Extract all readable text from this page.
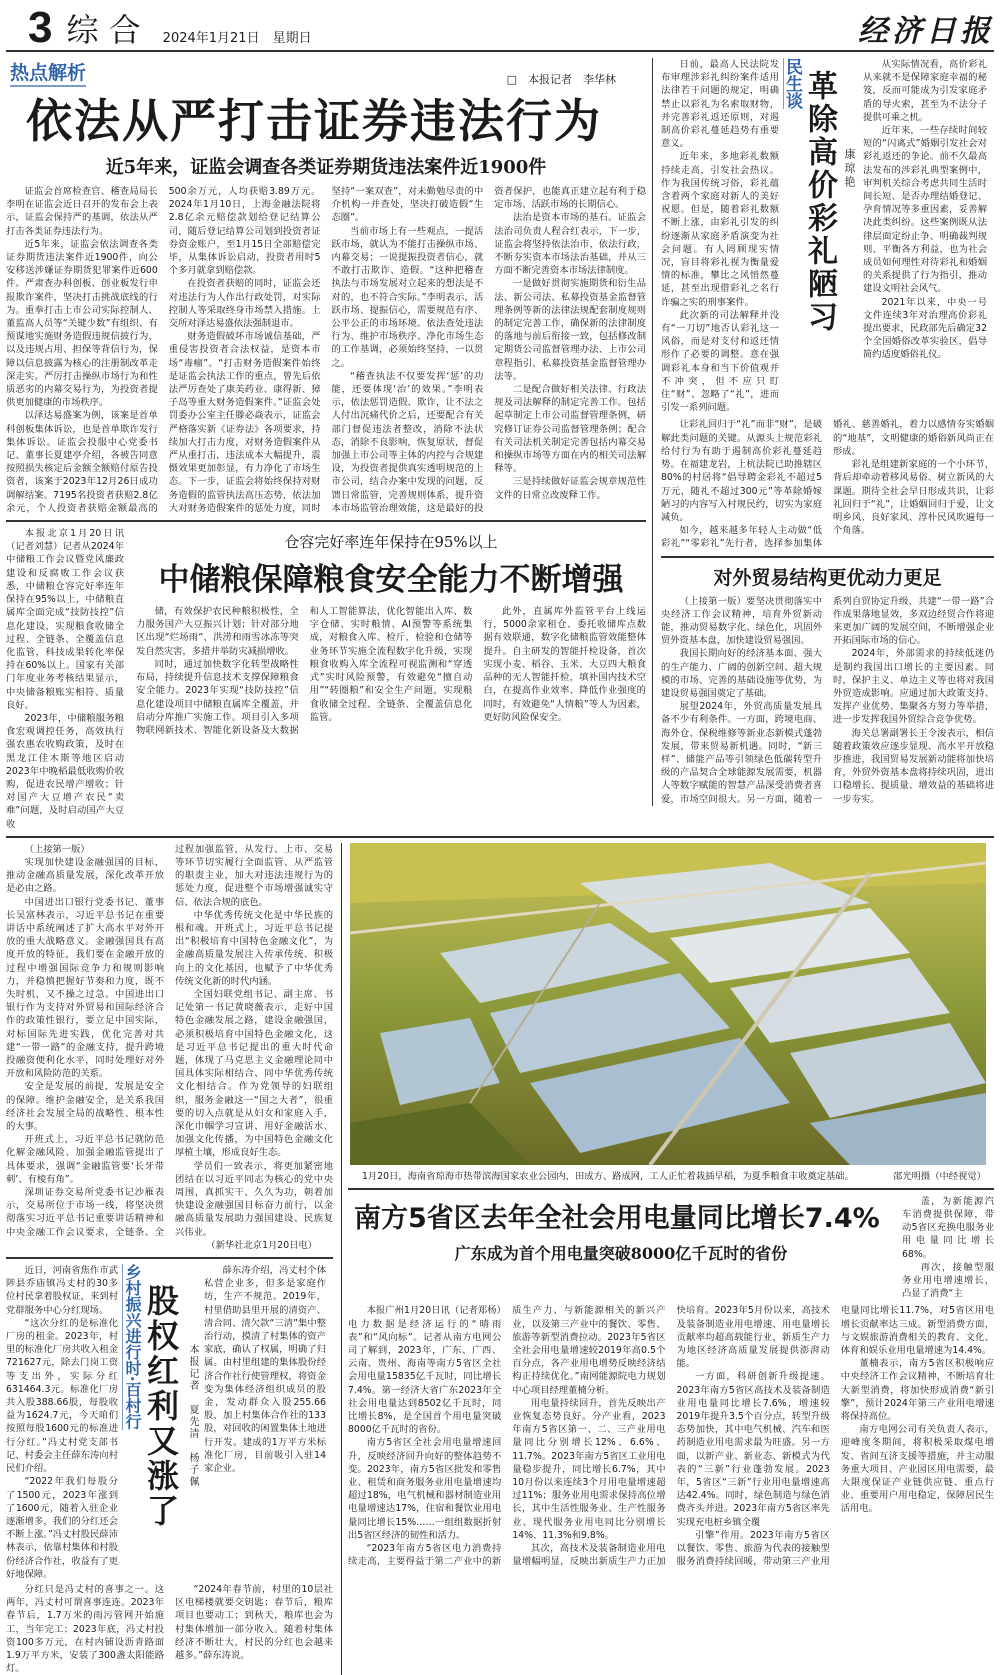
3 综 合 2024年1月21日　星期日	经济日报
热点解析	□　本报记者　李华林
依法从严打击证券违法行为
近5年来，证监会调查各类证券期货违法案件近1900件

证监会首席检查官、稽查局局长李明在证监会近日召开的发布会上表示，证监会保持严的基调，依法从严打击各类证券违法行为。

近5年来，证监会依法调查各类证券期货违法案件近1900件，向公安移送涉嫌证券期货犯罪案件近600件。严肃查办科创板、创业板发行申报欺诈案件，坚决打击挑战底线的行为。重拳打击上市公司实际控制人、董监高人员等“关键少数”有组织、有预谋地实施财务造假违规信披行为，以及违规占用、担保等背信行为，保障以信息披露为核心的注册制改革走深走实。严厉打击操纵市场行为和性质恶劣的内幕交易行为，为投资者提供更加健康的市场秩序。

以泽达易盛案为例，该案是首单科创板集体诉讼，也是首单欺诈发行集体诉讼。证监会投服中心党委书记、董事长夏建亭介绍，各被告同意按照损失核定后金额全额赔付原告投资者，该案于2023年12月26日成功调解结案。7195名投资者获赔2.8亿余元，个人投资者获赔金额最高的500余万元，人均获赔3.89万元。2024年1月10日，上海金融法院将2.8亿余元赔偿款划给登记结算公司，随后登记结算公司划到投资者证券资金账户，至1月15日全部赔偿完毕，从集体诉讼启动，投资者用时5个多月就拿到赔偿款。

在投资者获赔的同时，证监会还对违法行为人作出行政处罚，对实际控制人等采取终身市场禁入措施。上交所对泽达易盛依法强制退市。

财务造假破坏市场诚信基础，严重侵害投资者合法权益，是资本市场“毒瘤”。“打击财务造假案件始终是证监会执法工作的重点，曾先后依法严厉查处了康美药业、康得新、獐子岛等重大财务造假案件。”证监会处罚委办公室主任滕必焱表示，证监会严格落实新《证券法》各项要求，持续加大打击力度，对财务造假案件从严从重打击，违法成本大幅提升，震慑效果更加彰显，有力净化了市场生态。下一步，证监会将始终保持对财务造假的监管执法高压态势，依法加大对财务造假案件的惩处力度，同时坚持“一案双查”，对未勤勉尽责的中介机构一并查处，坚决打破造假“生态圈”。

当前市场上有一些观点，一提活跃市场，就认为不能打击操纵市场、内幕交易；一说提振投资者信心，就不敢打击欺诈、造假。“这种把稽查执法与市场发展对立起来的想法是不对的，也不符合实际。”李明表示，活跃市场、提振信心，需要规范有序、公平公正的市场环境。依法查处违法行为、维护市场秩序、净化市场生态的工作基调，必须始终坚持，一以贯之。

“稽查执法不仅要发挥‘惩’的功能，还要体现‘治’的效果。”李明表示，依法惩罚造假、欺诈，让不法之人付出沉痛代价之后，还要配合有关部门督促违法者整改，消除不法状态，消除不良影响，恢复原状，督促加强上市公司等主体的内控与合规建设，为投资者提供真实透明规范的上市公司，结合办案中发现的问题，反馈日常监管，完善规则体系，提升资本市场监管治理效能，这是最好的投资者保护，也能真正建立起有利于稳定市场、活跃市场的长期信心。

法治是资本市场的基石。证监会法治司负责人程合红表示，下一步，证监会将坚持依法治市、依法行政，不断夯实资本市场法治基础，并从三方面不断完善资本市场法律制度。

一是做好贯彻实施期货和衍生品法、新公司法、私募投资基金监督管理条例等新的法律法规配套制度规则的制定完善工作，确保新的法律制度的落地与前后衔接一致，包括修改制定期货公司监督管理办法、上市公司章程指引、私募投资基金监督管理办法等。

二是配合做好相关法律、行政法规及司法解释的制定完善工作。包括起草制定上市公司监督管理条例，研究修订证券公司监督管理条例；配合有关司法机关制定完善包括内幕交易和操纵市场等方面在内的相关司法解释等。

三是持续做好证监会规章规范性文件的日常立改废释工作。

本报北京1月20日讯（记者刘慧）记者从2024年中储粮工作会议暨党风廉政建设和反腐败工作会议获悉，中储粮仓容完好率连年保持在95%以上，中储粮直属库全面完成“技防技控”信息化建设，实现粮食收储全过程、全链条、全覆盖信息化监管，科技成果转化率保持在60%以上。国家有关部门年度业务考核结果显示，中央储备粮账实相符、质量良好。

2023年，中储粮服务粮食宏观调控任务，高效执行强农惠农收购政策，及时在黑龙江佳木斯等地区启动2023年中晚稻最低收购价收购，促进农民增产增收；针对国产大豆增产农民“卖难”问题，及时启动国产大豆收

仓容完好率连年保持在95%以上
中储粮保障粮食安全能力不断增强

储，有效保护农民种粮积极性，全力服务国产大豆振兴计划；针对部分地区出现“烂场雨”、洪涝和雨雪冰冻等突发自然灾害，多措并举防灾减损增收。

同时，通过加快数字化转型战略性布局，持续提升信息技术支撑保障粮食安全能力。2023年实现“技防技控”信息化建设项目中储粮直属库全覆盖，并启动分库推广实施工作。项目引入多项物联网新技术、智能化新设备及大数据和人工智能算法，优化智能出入库、数字仓储、实时粮情、AI预警等系统集成，对粮食入库、检斤、检验和仓储等业务环节实施全流程数字化升级，实现粮食收购入库全流程可视监测和“穿透式”实时风险预警，有效避免“擅自动用”“转圈粮”和安全生产问题，实现粮食收储全过程、全链条、全覆盖信息化监管。

此外，直属库外监管平台上线运行，5000余家租仓、委托收储库点数据有效联通，数字化储粮监管效能整体提升。自主研发的智能扦检设备，首次实现小麦、稻谷、玉米、大豆四大粮食品种的无人智能扦检，填补国内技术空白，在提高作业效率、降低作业强度的同时，有效避免“人情粮”等人为因素，更好防风险保安全。

日前，最高人民法院发布审理涉彩礼纠纷案件适用法律若干问题的规定，明确禁止以彩礼为名索取财物，并完善彩礼返还原则，对遏制高价彩礼蔓延趋势有重要意义。

近年来，多地彩礼数额持续走高，引发社会热议。作为我国传统习俗，彩礼蕴含着两个家庭对新人的美好祝愿。但是，随着彩礼数额不断上涨，由彩礼引发的纠纷逐渐从家庭矛盾演变为社会问题。有人罔顾现实情况，盲目将彩礼视为衡量爱情的标准，攀比之风悄然蔓延，甚至出现借彩礼之名行诈骗之实的刑事案件。

此次新的司法解释并没有“一刀切”地否认彩礼这一风俗，而是对支付和返还情形作了必要的调整。意在强调彩礼本身和当下价值观并不冲突，但不应只盯住“财”、忽略了“礼”，进而引发一系列问题。

民生谈 革除高价彩礼陋习 康琼艳

从实际情况看，高价彩礼从来就不是保障家庭幸福的秘笈，反而可能成为引发家庭矛盾的导火索，甚至为不法分子提供可乘之机。

近年来，一些存续时间较短的“闪离式”婚姻引发社会对彩礼返还的争论。前不久最高法发布的涉彩礼典型案例中，审判机关综合考虑共同生活时间长短、是否办理结婚登记、孕育情况等多重因素，妥善解决此类纠纷。这些案例既从法律层面定纷止争、明确裁判规则、平衡各方利益，也为社会成员如何理性对待彩礼和婚姻的关系提供了行为指引，推动建设文明社会风气。

2021年以来，中央一号文件连续3年对治理高价彩礼提出要求，民政部先后确定32个全国婚俗改革实验区，倡导简约适度婚俗礼仪。

让彩礼回归于“礼”而非“财”，是破解此类问题的关键。从源头上规范彩礼给付行为有助于遏制高价彩礼蔓延趋势。在福建龙岩，上杭法院已助推辖区80%的村居将“倡导聘金彩礼不超过5万元，随礼不超过300元”等革除婚嫁陋习的内容写入村规民约，切实为家庭减负。

如今，越来越多年轻人主动做“低彩礼”“零彩礼”先行者，选择参加集体婚礼、慈善婚礼，着力以感情夯实婚姻的“地基”，文明健康的婚俗新风尚正在形成。

彩礼是组建新家庭的一个小环节，背后却牵动着移风易俗、树立新风的大课题。期待全社会早日形成共识，让彩礼回归于“礼”，让婚姻回归于爱，让文明乡风、良好家风、淳朴民风吹遍每一个角落。

对外贸易结构更优动力更足

（上接第一版）要坚决贯彻落实中央经济工作会议精神，培育外贸新动能，推动贸易数字化、绿色化，巩固外贸外资基本盘，加快建设贸易强国。

我国长期向好的经济基本面、强大的生产能力、广阔的创新空间、超大规模的市场、完善的基础设施等优势，为建设贸易强国奠定了基础。

展望2024年，外贸高质量发展具备不少有利条件。一方面，跨境电商、海外仓、保税维修等新业态新模式蓬勃发展，带来贸易新机遇。同时，“新三样”、储能产品等引领绿色低碳转型升级的产品契合全球能源发展需要，机器人等数字赋能的智慧产品深受消费者喜爱，市场空间很大。另一方面，随着一系列自贸协定升级、共建“一带一路”合作成果落地显效，多双边经贸合作将迎来更加广阔的发展空间，不断增强企业开拓国际市场的信心。

2024年，外部需求的持续低迷仍是制约我国出口增长的主要因素。同时，保护主义、单边主义等也将对我国外贸造成影响。应通过加大政策支持、发挥产业优势、集聚各方努力等举措，进一步发挥我国外贸综合竞争优势。

海关总署副署长王令浚表示，相信随着政策效应逐步显现、高水平开放稳步推进，我国贸易发展新动能将加快培育，外贸外资基本盘将持续巩固，进出口稳增长、提质量、增效益的基础将进一步夯实。

（上接第一版）

实现加快建设金融强国的目标，推动金融高质量发展，深化改革开放是必由之路。

中国进出口银行党委书记、董事长吴富林表示，习近平总书记在重要讲话中系统阐述了扩大高水平对外开放的重大战略意义。金融强国具有高度开放的特征，我们要在金融开放的过程中增强国际竞争力和规则影响力，并稳慎把握好节奏和力度，既不失时机，又不操之过急。中国进出口银行作为支持对外贸易和国际经济合作的政策性银行，要立足中国实际，对标国际先进实践，优化完善对共建“一带一路”的金融支持，提升跨境投融资便利化水平，同时处理好对外开放和风险防范的关系。

安全是发展的前提，发展是安全的保障。维护金融安全，是关系我国经济社会发展全局的战略性、根本性的大事。

开班式上，习近平总书记就防范化解金融风险、加强金融监管提出了具体要求，强调“金融监管要‘长牙带刺’、有棱有角”。

深圳证券交易所党委书记沙雁表示，交易所位于市场一线，将坚决贯彻落实习近平总书记重要讲话精神和中央金融工作会议要求，全链条、全过程加强监管，从发行、上市、交易等环节切实履行全面监管、从严监管的职责主业，加大对违法违规行为的惩处力度，促进整个市场增强诚实守信、依法合规的底色。

中华优秀传统文化是中华民族的根和魂。开班式上，习近平总书记提出“积极培育中国特色金融文化”，为金融高质量发展注入传承传统、积极向上的文化基因，也赋予了中华优秀传统文化新的时代内涵。

全国妇联党组书记、副主席、书记处第一书记黄晓薇表示，走好中国特色金融发展之路，建设金融强国，必须积极培育中国特色金融文化，这是习近平总书记提出的重大时代命题，体现了马克思主义金融理论同中国具体实际相结合、同中华优秀传统文化相结合。作为党领导的妇联组织，服务金融这一“国之大者”，很重要的切入点就是从妇女和家庭入手，深化巾帼学习宣讲、用好金融活水、加强文化传播，为中国特色金融文化厚植土壤，形成良好生态。

学员们一致表示，将更加紧密地团结在以习近平同志为核心的党中央周围，真抓实干、久久为功，朝着加快建设金融强国目标奋力前行，以金融高质量发展助力强国建设、民族复兴伟业。

（新华社北京1月20日电）

近日，河南省焦作市武陟县乔庙镇冯丈村的30多位村民拿着股权证，来到村党群服务中心分红现场。

“这次分红的是标准化厂房的租金。2023年，村里的标准化厂房共收入租金721627元，除去门岗工资等支出外，实际分红631464.3元。标准化厂房共入股388.66股，每股收益为1624.7元，今天咱们按照每股1600元的标准进行分红。”冯丈村党支部书记、村委会主任薛东涛向村民们介绍。

“2022年我们每股分了1500元，2023年涨到了1600元，随着入驻企业逐渐增多，我们的分红还会不断上涨。”冯丈村股民薛沛林表示，依靠村集体和村股份经济合作社，收益有了更好地保障。

乡村振兴进行时·百村行 股权红利又涨了 本报记者　夏先清　杨子佩

薛东涛介绍，冯丈村个体私营企业多，但多是家庭作坊，生产不规范。2019年，村里借助县里开展的清资产、清合同、清欠款“三清”集中整治行动，摸清了村集体的资产家底，确认了权属，明确了归属。由村里组建的集体股份经济合作社行使管理权，将资金变为集体经济组织成员的股金，发动群众入股255.66股，加上村集体合作社的133股，对回收的闲置集体土地进行开发。建成的1万平方米标准化厂房，目前吸引入驻14家企业。

分红只是冯丈村的喜事之一。这两年，冯丈村可谓喜事连连。2023年春节后，1.7万米的雨污管网开始施工，当年完工；2023年底，冯丈村投资100多万元，在村内铺设沥青路面1.9万平方米，安装了300盏太阳能路灯。

“2024年春节前，村里的10层社区电梯楼就要交钥匙；春节后，粮库项目也要动工；到秋天，粮库也会为村集体增加一部分收入。随着村集体经济不断壮大，村民的分红也会越来越多。”薛东涛说。

1月20日，海南省琼海市热带滨海国家农业公园内，田成方、路成网，工人正忙着栽插早稻，为夏季粮食丰收奠定基础。	邵光明摄（中经视觉）
南方5省区去年全社会用电量同比增长7.4%
广东成为首个用电量突破8000亿千瓦时的省份

盖，为新能源汽车消费提供保障，带动5省区充换电服务业用电量同比增长68%。

再次，接触型服务业用电增速增长，凸显了消费“主

本报广州1月20日讯（记者郑杨）电力数据是经济运行的“晴雨表”和“风向标”。记者从南方电网公司了解到，2023年，广东、广西、云南、贵州、海南等南方5省区全社会用电量15835亿千瓦时，同比增长7.4%。第一经济大省广东2023年全社会用电量达到8502亿千瓦时，同比增长8%，是全国首个用电量突破8000亿千瓦时的省份。

南方5省区全社会用电量增速回升，反映经济回升向好的整体趋势不变。2023年，南方5省区批发和零售业、租赁和商务服务业用电量增速均超过18%，电气机械和器材制造业用电量增速达17%，住宿和餐饮业用电量同比增长15%……一组组数据折射出5省区经济的韧性和活力。

“2023年南方5省区电力消费持续走高，主要得益于第二产业中的新质生产力、与新能源相关的新兴产业，以及第三产业中的餐饮、零售、旅游等新型消费拉动。2023年5省区全社会用电量增速较2019年高0.5个百分点，各产业用电增势反映经济结构正持续优化。”南网能源院电力规划中心项目经理董楠分析。

用电量持续回升，首先反映出产业恢复态势良好。分产业看，2023年南方5省区第一、二、三产业用电量同比分别增长12%、6.6%、11.7%。2023年南方5省区工业用电量稳步提升，同比增长6.7%，其中10月份以来连续3个月用电量增速超过11%；服务业用电需求保持高位增长，其中生活性服务业、生产性服务业、现代服务业用电同比分别增长14%、11.3%和9.8%。

其次，高技术及装备制造业用电量增幅明显，反映出新质生产力正加快培育。2023年5月份以来，高技术及装备制造业用电增速、用电量增长贡献率均超高载能行业，新质生产力为地区经济高质量发展提供澎湃动能。

一方面，科研创新升级提速。2023年南方5省区高技术及装备制造业用电量同比增长7.6%，增速较2019年提升3.5个百分点，转型升级态势加快，其中电气机械、汽车和医药制造业用电需求最为旺盛。另一方面，以新产业、新业态、新模式为代表的“三新”行业蓬勃发展。2023年，5省区“三新”行业用电量增速高达42.4%。同时，绿色制造与绿色消费齐头并进。2023年南方5省区率先实现充电桩乡镇全覆

引擎”作用。2023年南方5省区以餐饮、零售、旅游为代表的接触型服务消费持续回暖，带动第三产业用电量同比增长11.7%，对5省区用电增长贡献率达三成。新型消费方面，与文娱旅游消费相关的教育、文化、体育和娱乐业用电量增速为14.4%。

董楠表示，南方5省区积极响应中央经济工作会议精神，不断培育壮大新型消费，将加快形成消费“新引擎”，预计2024年第三产业用电增速将保持高位。

南方电网公司有关负责人表示，迎峰度冬期间，将积极采取煤电增发、省间互济支援等措施，并主动服务重大项目、产业园区用电需要，最大限度保证产业链供应链、重点行业、重要用户用电稳定，保障居民生活用电。
